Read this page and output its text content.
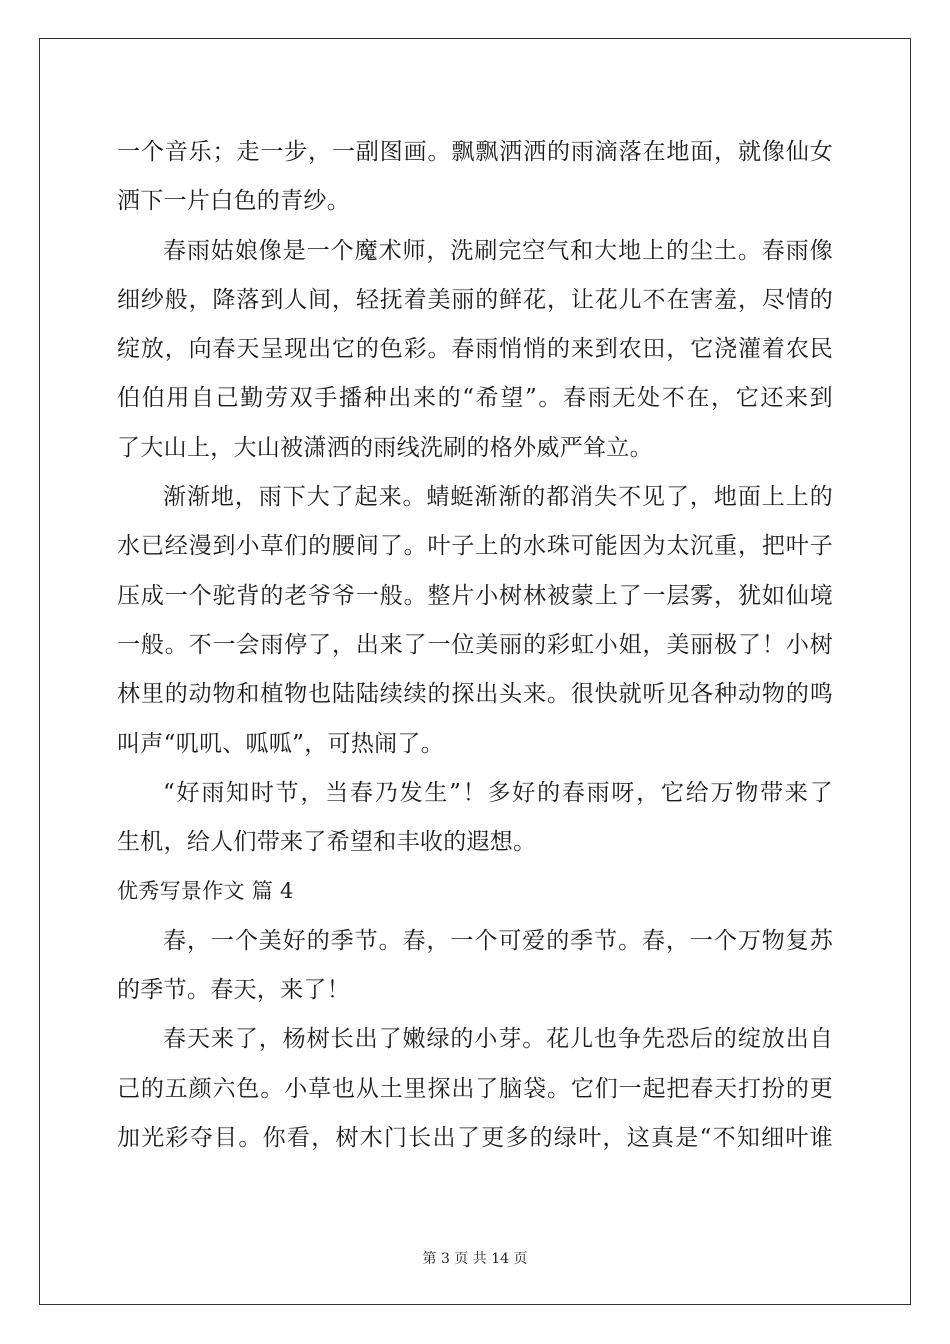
一个音乐；走一步，一副图画。飘飘洒洒的雨滴落在地面，就像仙女
洒下一片白色的青纱。
春雨姑娘像是一个魔术师，洗刷完空气和大地上的尘土。春雨像
细纱般，降落到人间，轻抚着美丽的鲜花，让花儿不在害羞，尽情的
绽放，向春天呈现出它的色彩。春雨悄悄的来到农田，它浇灌着农民
伯伯用自己勤劳双手播种出来的“希望”。春雨无处不在，它还来到
了大山上，大山被潇洒的雨线洗刷的格外威严耸立。
渐渐地，雨下大了起来。蜻蜓渐渐的都消失不见了，地面上上的
水已经漫到小草们的腰间了。叶子上的水珠可能因为太沉重，把叶子
压成一个驼背的老爷爷一般。整片小树林被蒙上了一层雾，犹如仙境
一般。不一会雨停了，出来了一位美丽的彩虹小姐，美丽极了！小树
林里的动物和植物也陆陆续续的探出头来。很快就听见各种动物的鸣
叫声“叽叽、呱呱”，可热闹了。
“好雨知时节，当春乃发生”！多好的春雨呀，它给万物带来了
生机，给人们带来了希望和丰收的遐想。
优秀写景作文 篇 4
春，一个美好的季节。春，一个可爱的季节。春，一个万物复苏
的季节。春天，来了！
春天来了，杨树长出了嫩绿的小芽。花儿也争先恐后的绽放出自
己的五颜六色。小草也从土里探出了脑袋。它们一起把春天打扮的更
加光彩夺目。你看，树木门长出了更多的绿叶，这真是“不知细叶谁
第 3 页 共 14 页
